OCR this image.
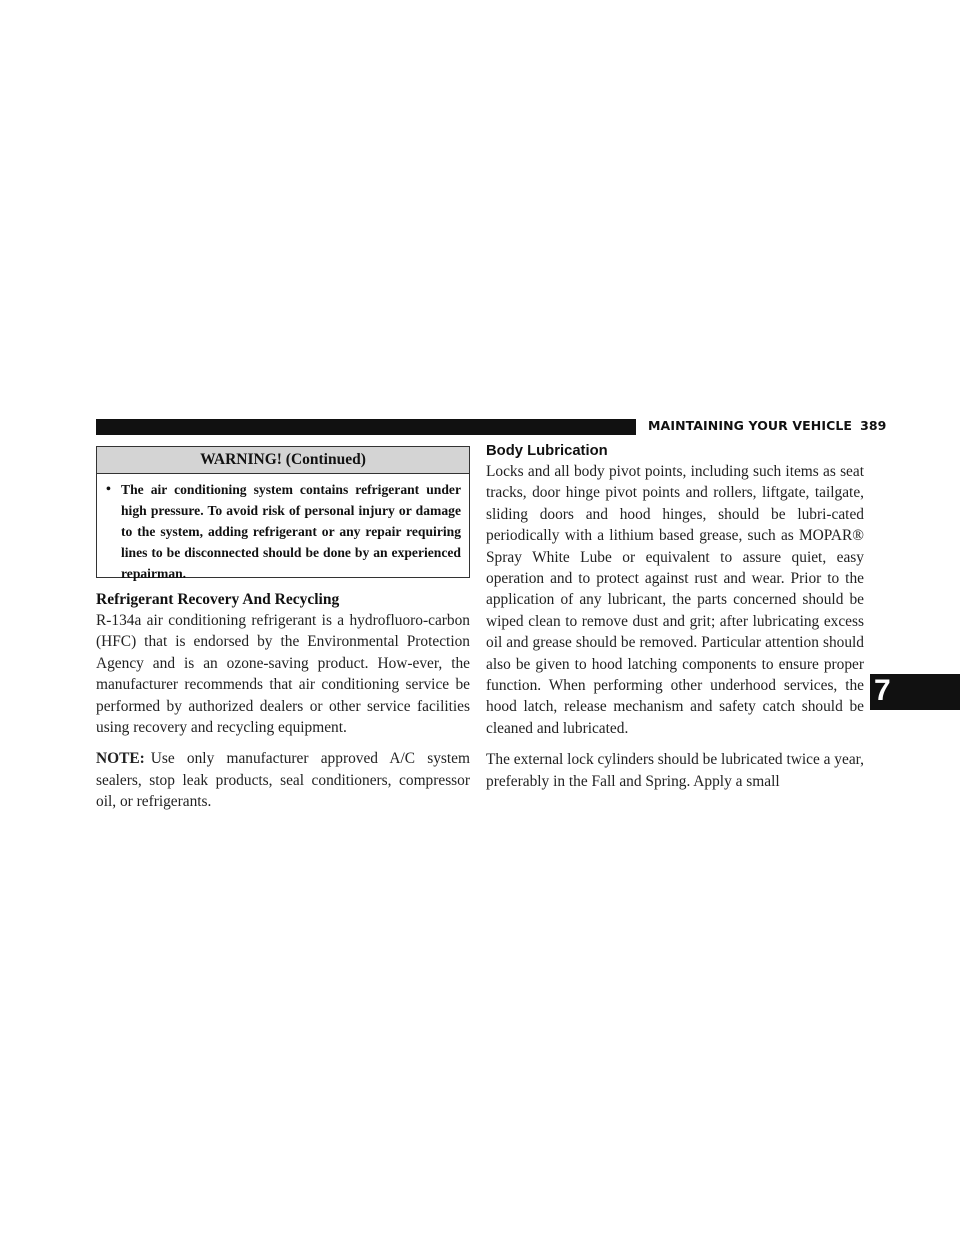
MAINTAINING YOUR VEHICLE 389
WARNING! (Continued)
• The air conditioning system contains refrigerant under high pressure. To avoid risk of personal injury or damage to the system, adding refrigerant or any repair requiring lines to be disconnected should be done by an experienced repairman.

Refrigerant Recovery And Recycling

R-134a air conditioning refrigerant is a hydrofluoro-carbon (HFC) that is endorsed by the Environmental Protection Agency and is an ozone-saving product. How-ever, the manufacturer recommends that air conditioning service be performed by authorized dealers or other service facilities using recovery and recycling equipment.

NOTE: Use only manufacturer approved A/C system sealers, stop leak products, seal conditioners, compressor oil, or refrigerants.

Body Lubrication

Locks and all body pivot points, including such items as seat tracks, door hinge pivot points and rollers, liftgate, tailgate, sliding doors and hood hinges, should be lubri-cated periodically with a lithium based grease, such as MOPAR® Spray White Lube or equivalent to assure quiet, easy operation and to protect against rust and wear. Prior to the application of any lubricant, the parts concerned should be wiped clean to remove dust and grit; after lubricating excess oil and grease should be removed. Particular attention should also be given to hood latching components to ensure proper function. When performing other underhood services, the hood latch, release mechanism and safety catch should be cleaned and lubricated.

The external lock cylinders should be lubricated twice a year, preferably in the Fall and Spring. Apply a small

7
